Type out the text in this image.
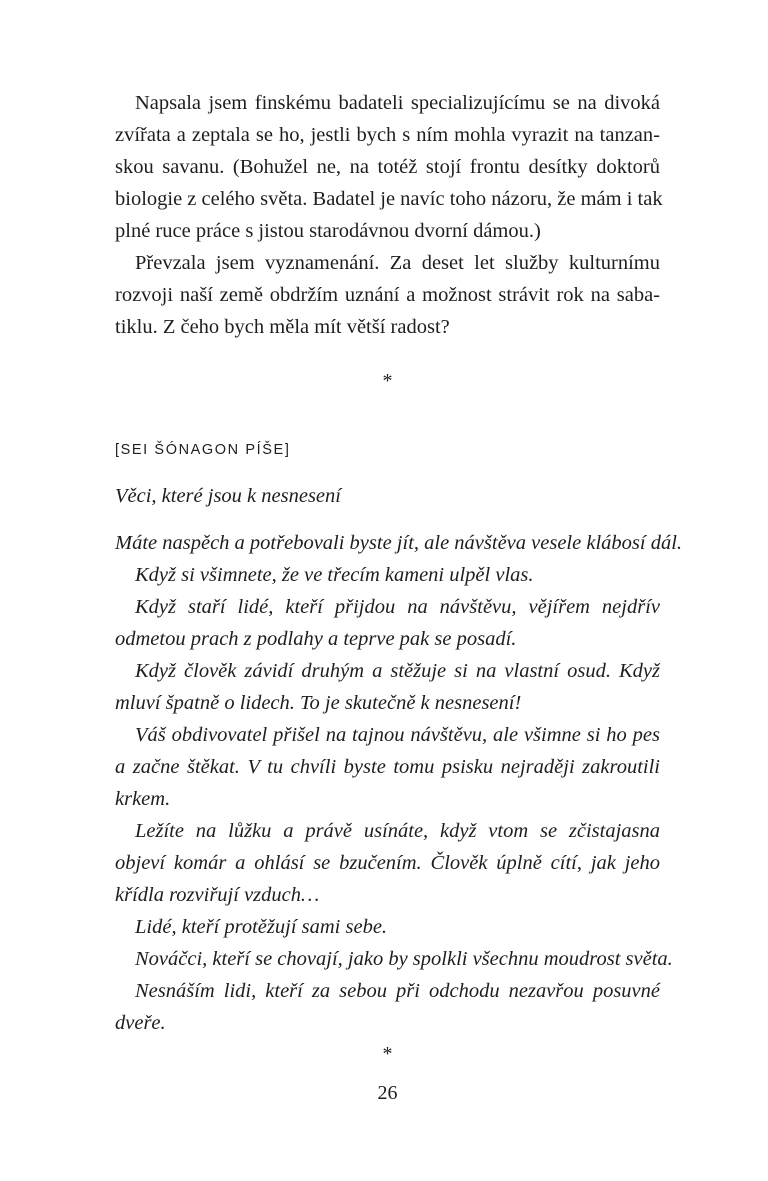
Napsala jsem finskému badateli specializujícímu se na divoká
zvířata a zeptala se ho, jestli bych s ním mohla vyrazit na tanzan-
skou savanu. (Bohužel ne, na totéž stojí frontu desítky doktorů
biologie z celého světa. Badatel je navíc toho názoru, že mám i tak
plné ruce práce s jistou starodávnou dvorní dámou.)
Převzala jsem vyznamenání. Za deset let služby kulturnímu
rozvoji naší země obdržím uznání a možnost strávit rok na saba-
tiklu. Z čeho bych měla mít větší radost?
*
[SEI ŠÓNAGON PÍŠE]
Věci, které jsou k nesnesení
Máte naspěch a potřebovali byste jít, ale návštěva vesele klábosí dál.
Když si všimnete, že ve třecím kameni ulpěl vlas.
Když staří lidé, kteří přijdou na návštěvu, vějířem nejdřív
odmetou prach z podlahy a teprve pak se posadí.
Když člověk závidí druhým a stěžuje si na vlastní osud. Když
mluví špatně o lidech. To je skutečně k nesnesení!
Váš obdivovatel přišel na tajnou návštěvu, ale všimne si ho pes
a začne štěkat. V tu chvíli byste tomu psisku nejraději zakroutili
krkem.
Ležíte na lůžku a právě usínáte, když vtom se zčistajasna
objeví komár a ohlásí se bzučením. Člověk úplně cítí, jak jeho
křídla rozviřují vzduch…
Lidé, kteří protěžují sami sebe.
Nováčci, kteří se chovají, jako by spolkli všechnu moudrost světa.
Nesnáším lidi, kteří za sebou při odchodu nezavřou posuvné
dveře.
*
26
